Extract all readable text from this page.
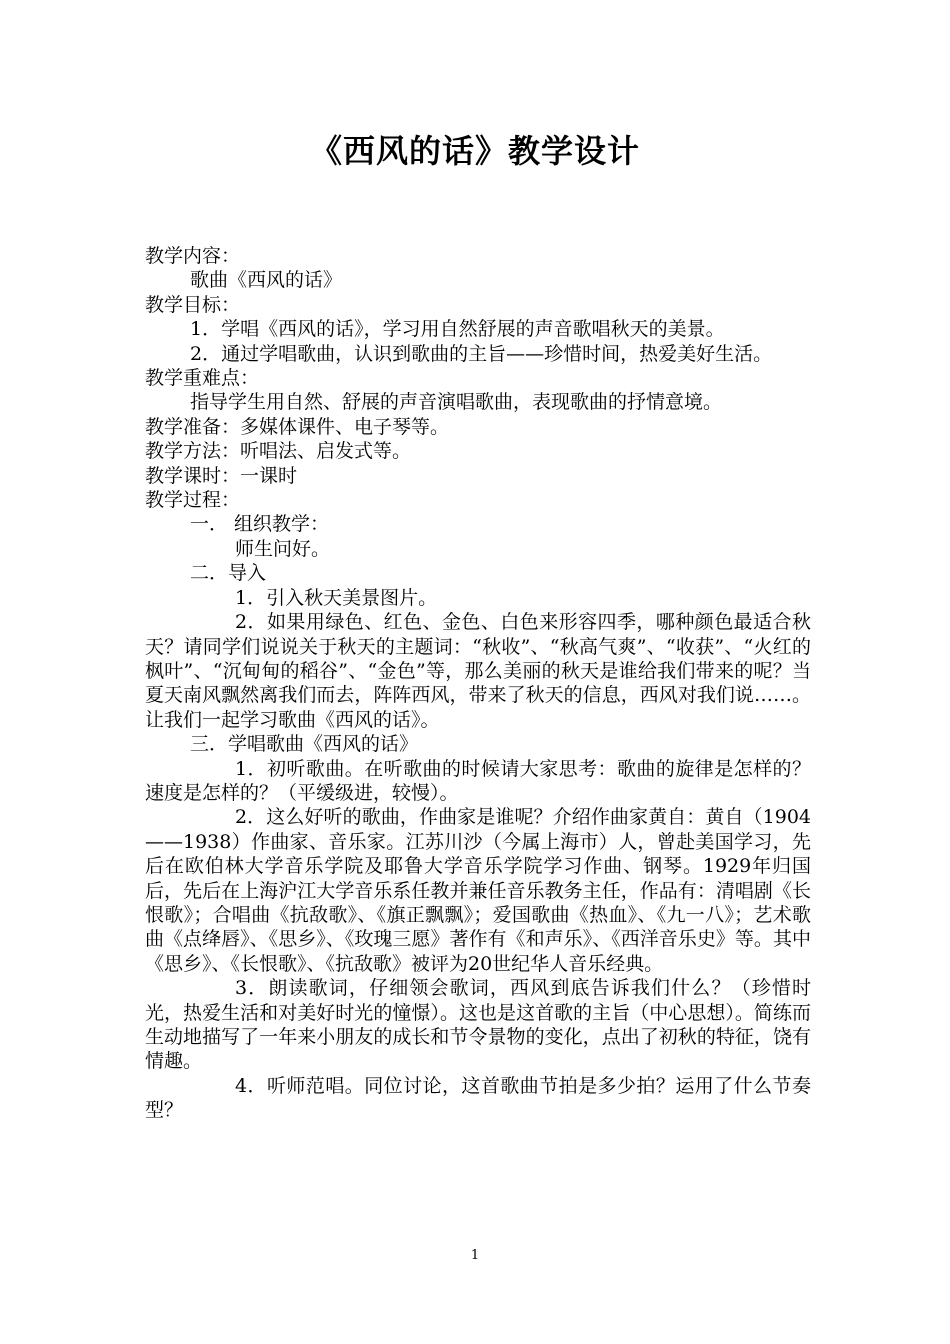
《西风的话》教学设计

教学内容：

歌曲《西风的话》

教学目标：

1．学唱《西风的话》，学习用自然舒展的声音歌唱秋天的美景。

2．通过学唱歌曲，认识到歌曲的主旨——珍惜时间，热爱美好生活。

教学重难点：

指导学生用自然、舒展的声音演唱歌曲，表现歌曲的抒情意境。

教学准备：多媒体课件、电子琴等。

教学方法：听唱法、启发式等。

教学课时：一课时

教学过程：

一． 组织教学：

师生问好。

二．导入

1．引入秋天美景图片。

2．如果用绿色、红色、金色、白色来形容四季，哪种颜色最适合秋天？请同学们说说关于秋天的主题词：“秋收”、“秋高气爽”、“收获”、“火红的枫叶”、“沉甸甸的稻谷”、“金色”等，那么美丽的秋天是谁给我们带来的呢？当夏天南风飘然离我们而去，阵阵西风，带来了秋天的信息，西风对我们说……。让我们一起学习歌曲《西风的话》。

三．学唱歌曲《西风的话》

1．初听歌曲。在听歌曲的时候请大家思考：歌曲的旋律是怎样的？速度是怎样的？（平缓级进，较慢）。

2．这么好听的歌曲，作曲家是谁呢？介绍作曲家黄自：黄自（1904——1938）作曲家、音乐家。江苏川沙（今属上海市）人，曾赴美国学习，先后在欧伯林大学音乐学院及耶鲁大学音乐学院学习作曲、钢琴。1929年归国后，先后在上海沪江大学音乐系任教并兼任音乐教务主任，作品有：清唱剧《长恨歌》；合唱曲《抗敌歌》、《旗正飘飘》；爱国歌曲《热血》、《九一八》；艺术歌曲《点绛唇》、《思乡》、《玫瑰三愿》著作有《和声乐》、《西洋音乐史》等。其中《思乡》、《长恨歌》、《抗敌歌》被评为20世纪华人音乐经典。

3．朗读歌词，仔细领会歌词，西风到底告诉我们什么？（珍惜时光，热爱生活和对美好时光的憧憬）。这也是这首歌的主旨（中心思想）。简练而生动地描写了一年来小朋友的成长和节令景物的变化，点出了初秋的特征，饶有情趣。

4．听师范唱。同位讨论，这首歌曲节拍是多少拍？运用了什么节奏型？

1
